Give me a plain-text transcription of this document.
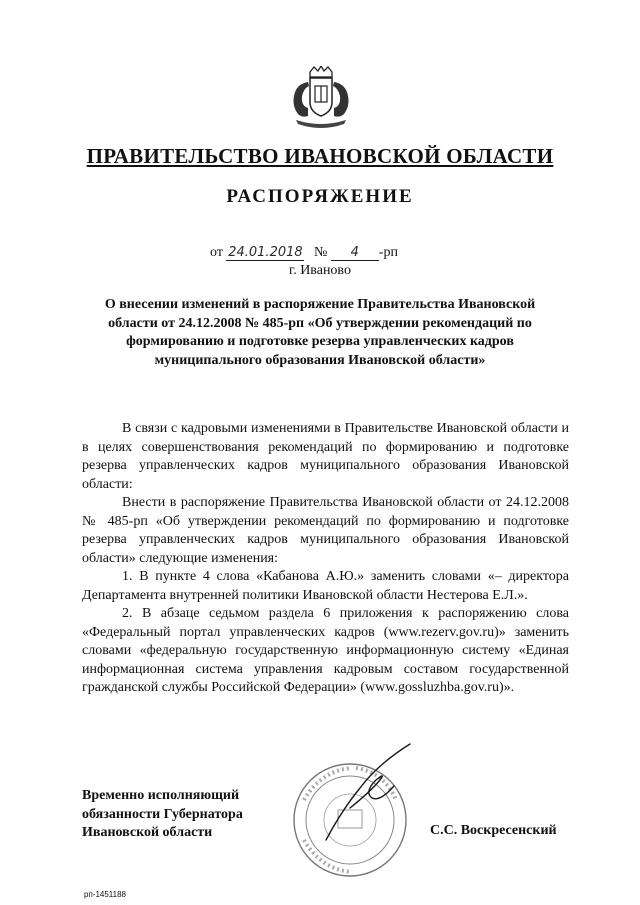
ПРАВИТЕЛЬСТВО ИВАНОВСКОЙ ОБЛАСТИ
РАСПОРЯЖЕНИЕ
от 24.01.2018 № 4 -рп
г. Иваново
О внесении изменений в распоряжение Правительства Ивановской области от 24.12.2008 № 485-рп «Об утверждении рекомендаций по формированию и подготовке резерва управленческих кадров муниципального образования Ивановской области»

В связи с кадровыми изменениями в Правительстве Ивановской области и в целях совершенствования рекомендаций по формированию и подготовке резерва управленческих кадров муниципального образования Ивановской области:

Внести в распоряжение Правительства Ивановской области от 24.12.2008 № 485-рп «Об утверждении рекомендаций по формированию и подготовке резерва управленческих кадров муниципального образования Ивановской области» следующие изменения:

1. В пункте 4 слова «Кабанова А.Ю.» заменить словами «– директора Департамента внутренней политики Ивановской области Нестерова Е.Л.».

2. В абзаце седьмом раздела 6 приложения к распоряжению слова «Федеральный портал управленческих кадров (www.rezerv.gov.ru)» заменить словами «федеральную государственную информационную систему «Единая информационная система управления кадровым составом государственной гражданской службы Российской Федерации» (www.gossluzhba.gov.ru)».

Временно исполняющий
обязанности Губернатора
Ивановской области	С.С. Воскресенский
рп-1451188
